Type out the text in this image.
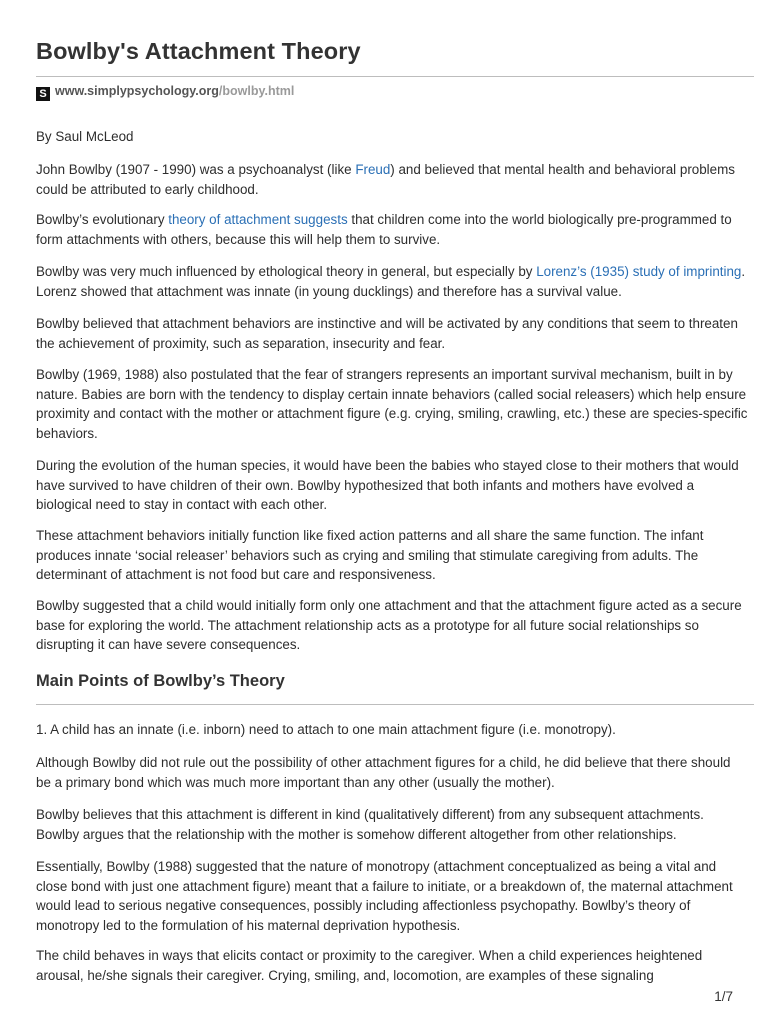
Bowlby's Attachment Theory
S www.simplypsychology.org/bowlby.html

By Saul McLeod

John Bowlby (1907 - 1990) was a psychoanalyst (like Freud) and believed that mental health and behavioral problems could be attributed to early childhood.

Bowlby’s evolutionary theory of attachment suggests that children come into the world biologically pre-programmed to form attachments with others, because this will help them to survive.

Bowlby was very much influenced by ethological theory in general, but especially by Lorenz’s (1935) study of imprinting. Lorenz showed that attachment was innate (in young ducklings) and therefore has a survival value.

Bowlby believed that attachment behaviors are instinctive and will be activated by any conditions that seem to threaten the achievement of proximity, such as separation, insecurity and fear.

Bowlby (1969, 1988) also postulated that the fear of strangers represents an important survival mechanism, built in by nature. Babies are born with the tendency to display certain innate behaviors (called social releasers) which help ensure proximity and contact with the mother or attachment figure (e.g. crying, smiling, crawling, etc.) these are species-specific behaviors.

During the evolution of the human species, it would have been the babies who stayed close to their mothers that would have survived to have children of their own. Bowlby hypothesized that both infants and mothers have evolved a biological need to stay in contact with each other.

These attachment behaviors initially function like fixed action patterns and all share the same function. The infant produces innate ‘social releaser’ behaviors such as crying and smiling that stimulate caregiving from adults. The determinant of attachment is not food but care and responsiveness.

Bowlby suggested that a child would initially form only one attachment and that the attachment figure acted as a secure base for exploring the world. The attachment relationship acts as a prototype for all future social relationships so disrupting it can have severe consequences.

Main Points of Bowlby’s Theory

1. A child has an innate (i.e. inborn) need to attach to one main attachment figure (i.e. monotropy).

Although Bowlby did not rule out the possibility of other attachment figures for a child, he did believe that there should be a primary bond which was much more important than any other (usually the mother).

Bowlby believes that this attachment is different in kind (qualitatively different) from any subsequent attachments. Bowlby argues that the relationship with the mother is somehow different altogether from other relationships.

Essentially, Bowlby (1988) suggested that the nature of monotropy (attachment conceptualized as being a vital and close bond with just one attachment figure) meant that a failure to initiate, or a breakdown of, the maternal attachment would lead to serious negative consequences, possibly including affectionless psychopathy. Bowlby’s theory of monotropy led to the formulation of his maternal deprivation hypothesis.

The child behaves in ways that elicits contact or proximity to the caregiver. When a child experiences heightened arousal, he/she signals their caregiver. Crying, smiling, and, locomotion, are examples of these signaling

1/7
